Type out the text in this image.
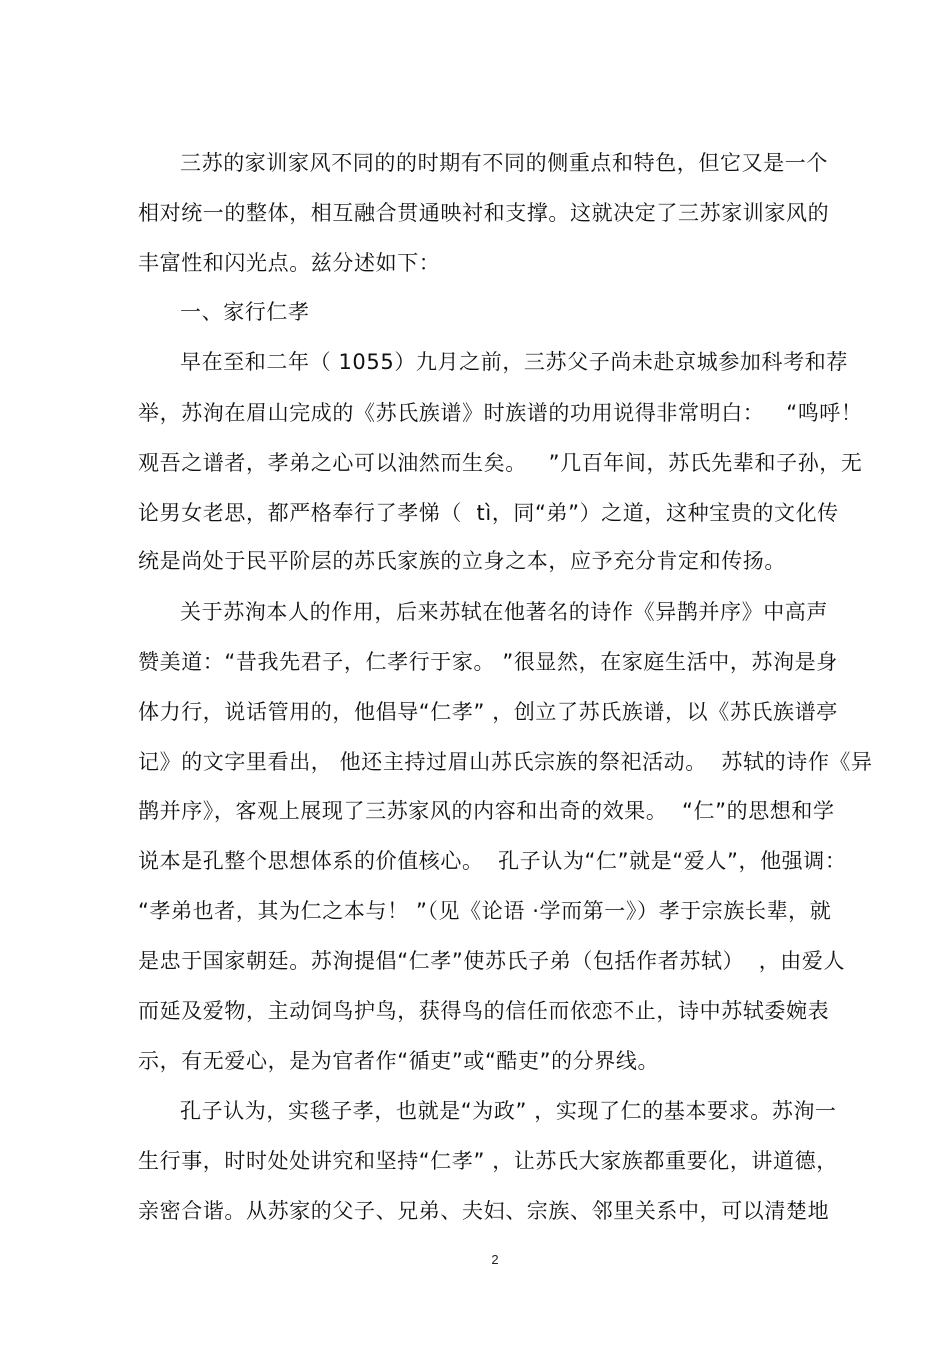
三苏的家训家风不同的的时期有不同的侧重点和特色，但它又是一个
相对统一的整体，相互融合贯通映衬和支撑。这就决定了三苏家训家风的
丰富性和闪光点。兹分述如下：
一、家行仁孝
早在至和二年（ 1055）九月之前，三苏父子尚未赴京城参加科考和荐
举，苏洵在眉山完成的《苏氏族谱》时族谱的功用说得非常明白：   “鸣呼！
观吾之谱者，孝弟之心可以油然而生矣。   ”几百年间，苏氏先辈和子孙，无
论男女老思，都严格奉行了孝悌（  tì，同“弟”）之道，这种宝贵的文化传
统是尚处于民平阶层的苏氏家族的立身之本，应予充分肯定和传扬。
关于苏洵本人的作用，后来苏轼在他著名的诗作《异鹊并序》中高声
赞美道：“昔我先君子，仁孝行于家。 ”很显然，在家庭生活中，苏洵是身
体力行，说话管用的，他倡导“仁孝” ，创立了苏氏族谱，以《苏氏族谱亭
记》的文字里看出， 他还主持过眉山苏氏宗族的祭祀活动。  苏轼的诗作《异
鹊并序》，客观上展现了三苏家风的内容和出奇的效果。  “仁”的思想和学
说本是孔整个思想体系的价值核心。  孔子认为“仁”就是“爱人”，他强调：
“孝弟也者，其为仁之本与！ ”（见《论语 ·学而第一》）孝于宗族长辈，就
是忠于国家朝廷。苏洵提倡“仁孝”使苏氏子弟（包括作者苏轼）  ，由爱人
而延及爱物，主动饲鸟护鸟，获得鸟的信任而依恋不止，诗中苏轼委婉表
示，有无爱心，是为官者作“循吏”或“酷吏”的分界线。
孔子认为，实毯子孝，也就是“为政” ，实现了仁的基本要求。苏洵一
生行事，时时处处讲究和坚持“仁孝” ，让苏氏大家族都重要化，讲道德，
亲密合谐。从苏家的父子、兄弟、夫妇、宗族、邻里关系中，可以清楚地
2
